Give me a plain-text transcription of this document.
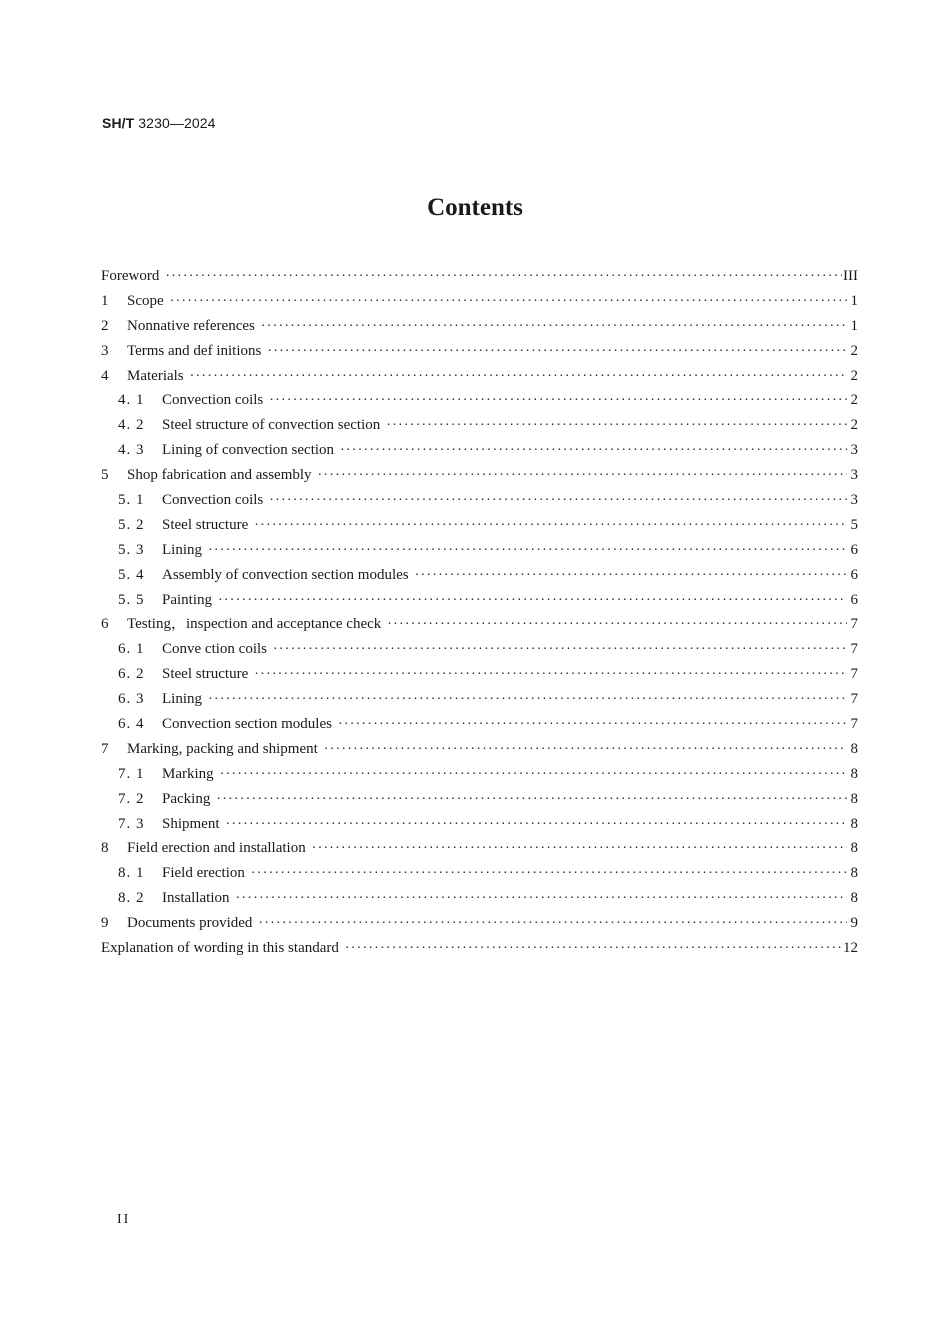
SH/T 3230—2024
Contents
Foreword ·····	III
1	Scope ·····	1
2	Nonnative references ·····	1
3	Terms and def initions ·····	2
4	Materials ·····	2
4. 1	Convection coils ·····	2
4. 2	Steel structure of convection section ·····	2
4. 3	Lining of convection section ·····	3
5	Shop fabrication and assembly ·····	3
5. 1	Convection coils ·····	3
5. 2	Steel structure ·····	5
5. 3	Lining ·····	6
5. 4	Assembly of convection section modules ·····	6
5. 5	Painting ·····	6
6	Testing，inspection and acceptance check ·····	7
6. 1	Conve ction coils ·····	7
6. 2	Steel structure ·····	7
6. 3	Lining ·····	7
6. 4	Convection section modules ·····	7
7	Marking, packing and shipment ·····	8
7. 1	Marking ·····	8
7. 2	Packing ·····	8
7. 3	Shipment ·····	8
8	Field erection and installation ·····	8
8. 1	Field erection ·····	8
8. 2	Installation ·····	8
9	Documents provided ·····	9
Explanation of wording in this standard ·····	12
II
